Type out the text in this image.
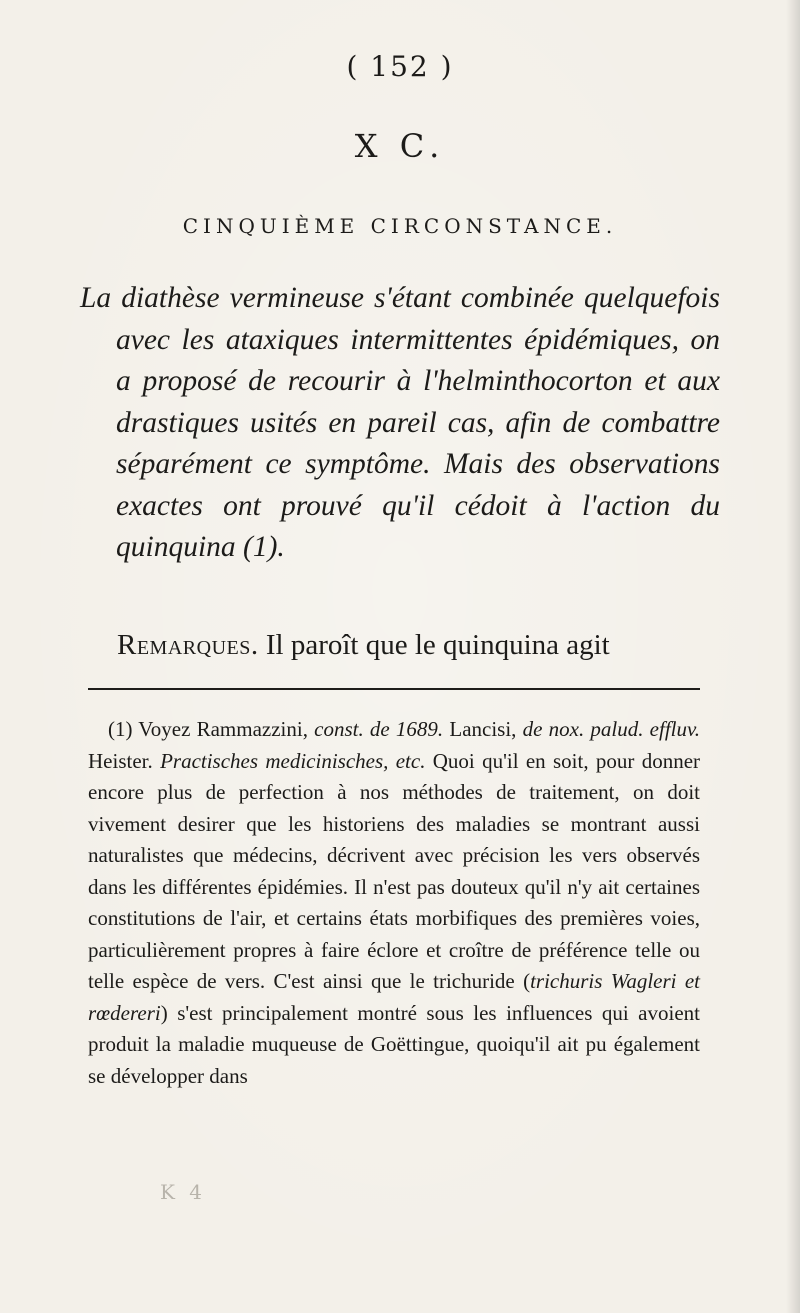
( 152 )
X C.
CINQUIÈME CIRCONSTANCE.
La diathèse vermineuse s'étant combinée quelquefois avec les ataxiques intermittentes épidémiques, on a proposé de recourir à l'helminthocorton et aux drastiques usités en pareil cas, afin de combattre séparément ce symptôme. Mais des observations exactes ont prouvé qu'il cédoit à l'action du quinquina (1).
Remarques. Il paroît que le quinquina agit
(1) Voyez Rammazzini, const. de 1689. Lancisi, de nox. palud. effluv. Heister. Practisches medicinisches, etc. Quoi qu'il en soit, pour donner encore plus de perfection à nos méthodes de traitement, on doit vivement desirer que les historiens des maladies se montrant aussi naturalistes que médecins, décrivent avec précision les vers observés dans les différentes épidémies. Il n'est pas douteux qu'il n'y ait certaines constitutions de l'air, et certains états morbifiques des premières voies, particulièrement propres à faire éclore et croître de préférence telle ou telle espèce de vers. C'est ainsi que le trichuride (trichuris Wagleri et rœdereri) s'est principalement montré sous les influences qui avoient produit la maladie muqueuse de Goëttingue, quoiqu'il ait pu également se développer dans
K 4
